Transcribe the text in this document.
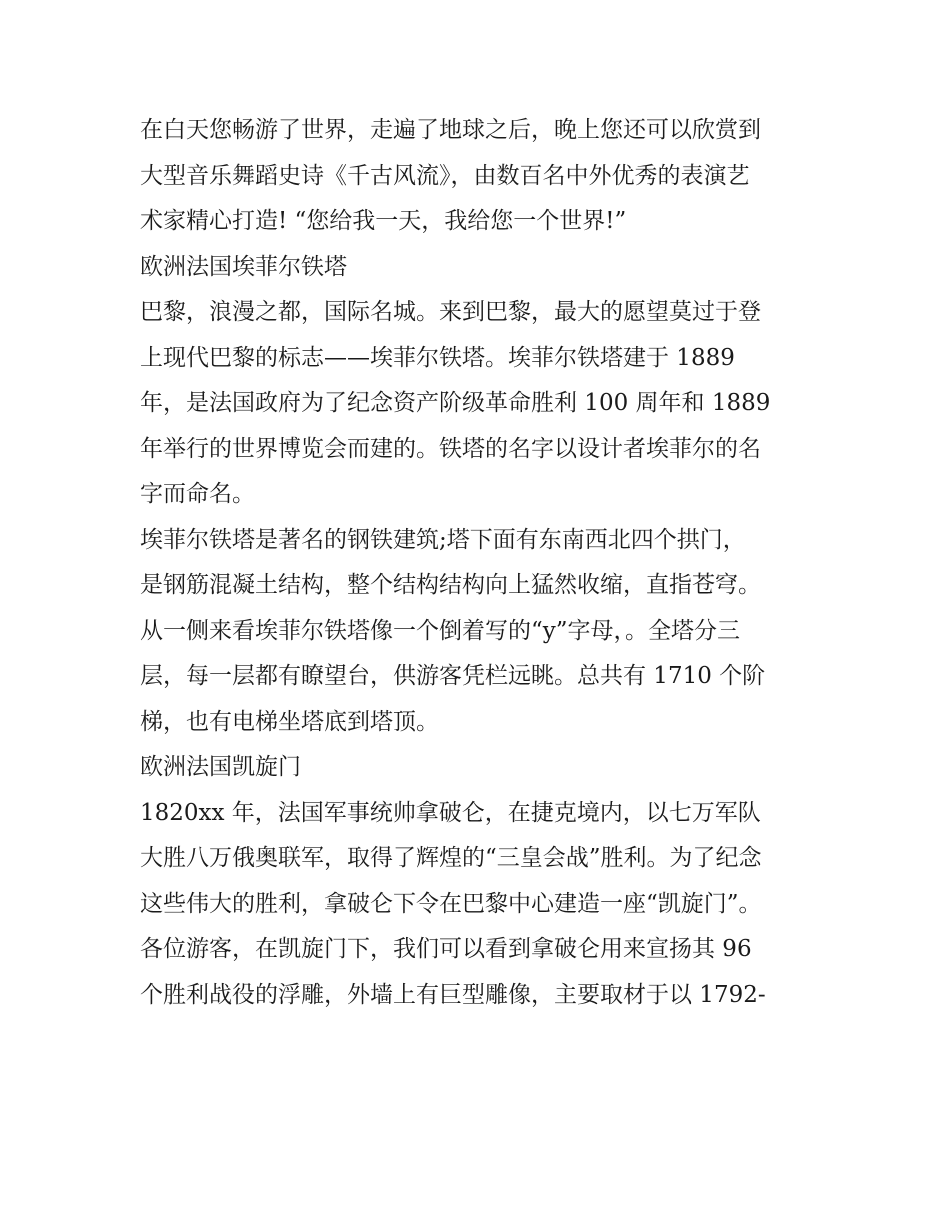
在白天您畅游了世界，走遍了地球之后，晚上您还可以欣赏到
大型音乐舞蹈史诗《千古风流》，由数百名中外优秀的表演艺
术家精心打造! “您给我一天，我给您一个世界!”
欧洲法国埃菲尔铁塔
巴黎，浪漫之都，国际名城。来到巴黎，最大的愿望莫过于登
上现代巴黎的标志——埃菲尔铁塔。埃菲尔铁塔建于 1889
年，是法国政府为了纪念资产阶级革命胜利 100 周年和 1889
年举行的世界博览会而建的。铁塔的名字以设计者埃菲尔的名
字而命名。
埃菲尔铁塔是著名的钢铁建筑;塔下面有东南西北四个拱门，
是钢筋混凝土结构，整个结构结构向上猛然收缩，直指苍穹。
从一侧来看埃菲尔铁塔像一个倒着写的“y”字母，。全塔分三
层，每一层都有瞭望台，供游客凭栏远眺。总共有 1710 个阶
梯，也有电梯坐塔底到塔顶。
欧洲法国凯旋门
1820xx 年，法国军事统帅拿破仑，在捷克境内，以七万军队
大胜八万俄奥联军，取得了辉煌的“三皇会战”胜利。为了纪念
这些伟大的胜利，拿破仑下令在巴黎中心建造一座“凯旋门”。
各位游客，在凯旋门下，我们可以看到拿破仑用来宣扬其 96
个胜利战役的浮雕，外墙上有巨型雕像，主要取材于以 1792-
